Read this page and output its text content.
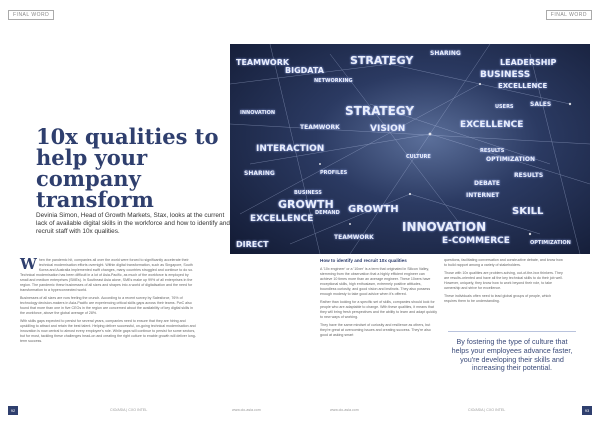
FINAL WORD	FINAL WORD
TEAMWORK	STRATEGY
SHARING
LEADERSHIP
BUSINESS
EXCELLENCE
NETWORKING
BIGDATA
INNOVATION	STRATEGY
VISION	EXCELLENCE
USERS	SALES
INTERACTION
TEAMWORK
RESULTS
OPTIMIZATION
SHARING
GROWTH
BUSINESS
EXCELLENCE
DEMAND GROWTH
INNOVATION
INTERNET
SKILL
DEBATE
RESULTS
DIRECT
TEAMWORK	E-COMMERCE
CULTURE
PROFILES
OPTIMIZATION
10x qualities to help your company transform
Devinia Simon, Head of Growth Markets, Stax, looks at the current lack of available digital skills in the workforce and how to identify and recruit staff with 10x qualities.

When the pandemic hit, companies all over the world were forced to significantly accelerate their technical modernisation efforts overnight. Within digital transformation, such as Singapore, South Korea and Australia implemented swift changes, many countries struggled and continue to do so. Technical modernisation has been difficult in a lot of Asia-Pacific, as much of the workforce is employed by small and medium enterprises (SMEs). In Southeast Asia alone, SMEs make up 99% of all enterprises in the region. The pandemic threw businesses of all sizes and shapes into a world of digitalisation and the need for transformation to a hyperconnected world.

Businesses of all sizes are now feeling the crunch. According to a recent survey by Salesforce, 76% of technology decision-makers in Asia-Pacific are experiencing critical skills gaps across their teams. PwC also found that more than one in five CEOs in the region are concerned about the availability of key digital skills in the workforce, above the global average of 28%.

With skills gaps expected to persist for several years, companies need to ensure that they are hiring and upskilling to attract and retain the best talent. Helping deliver successful, on-going technical modernisation and innovation is now central to almost every employee's role. While gaps will continue to persist for some sectors, but for most, tackling these challenges head-on and creating the right culture to enable growth will deliver long-term success.

How to identify and recruit 10x qualities

A '10x engineer' or a '10xer' is a term that originated in Silicon Valley, stemming from the observation that a highly efficient engineer can achieve 10 times more than an average engineer. These 10xers have exceptional skills, high enthusiasm, extremely positive attitudes, boundless curiosity, and good vision and instincts. They also possess enough modesty to take good advice when it's offered.

Rather than looking for a specific set of skills, companies should look for people who are adaptable to change. With these qualities, it means that they will bring fresh perspectives and the ability to learn and adapt quickly to new ways of working.

They have the same mindset of curiosity and resilience as others, but they're great at overcoming issues and creating success. They're also good at asking smart

questions, facilitating conversation and constructive debate, and know how to build rapport among a variety of stakeholders.

Those with 10x qualities are problem-solving, out-of-the-box thinkers. They are results-oriented and have all the key technical skills to do their job well. However, uniquely, they know how to work beyond their role, to take ownership and strive for excellence.

These individuals often need to lead global groups of people, which requires them to be understanding.

By fostering the type of culture that helps your employees advance faster, you're developing their skills and increasing their potential.
92	CIO/ASIA | CXO INTEL	www.cio-asia.com	www.cio-asia.com	CIO/ASIA | CXO INTEL	93
